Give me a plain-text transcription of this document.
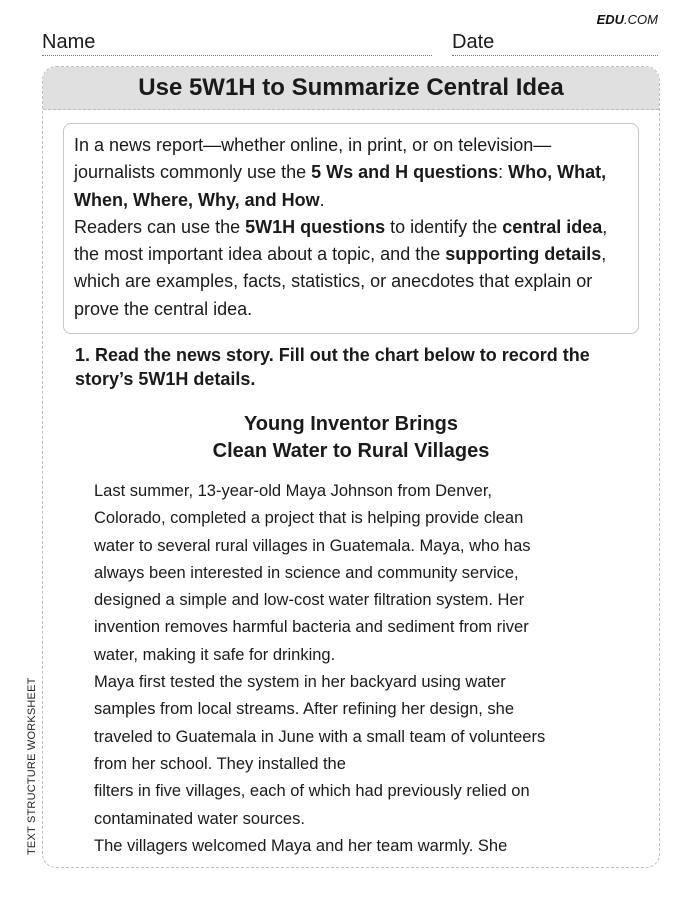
EDU.COM
Name	Date
TEXT STRUCTURE WORKSHEET
Use 5W1H to Summarize Central Idea

In a news report—whether online, in print, or on television—journalists commonly use the 5 Ws and H questions: Who, What, When, Where, Why, and How.

Readers can use the 5W1H questions to identify the central idea, the most important idea about a topic, and the supporting details, which are examples, facts, statistics, or anecdotes that explain or prove the central idea.

1. Read the news story. Fill out the chart below to record the story’s 5W1H details.
Young Inventor Brings
Clean Water to Rural Villages
Last summer, 13-year-old Maya Johnson from Denver,
Colorado, completed a project that is helping provide clean
water to several rural villages in Guatemala. Maya, who has
always been interested in science and community service,
designed a simple and low-cost water filtration system. Her
invention removes harmful bacteria and sediment from river
water, making it safe for drinking.
Maya first tested the system in her backyard using water
samples from local streams. After refining her design, she
traveled to Guatemala in June with a small team of volunteers
from her school. They installed the
filters in five villages, each of which had previously relied on
contaminated water sources.
The villagers welcomed Maya and her team warmly. She
